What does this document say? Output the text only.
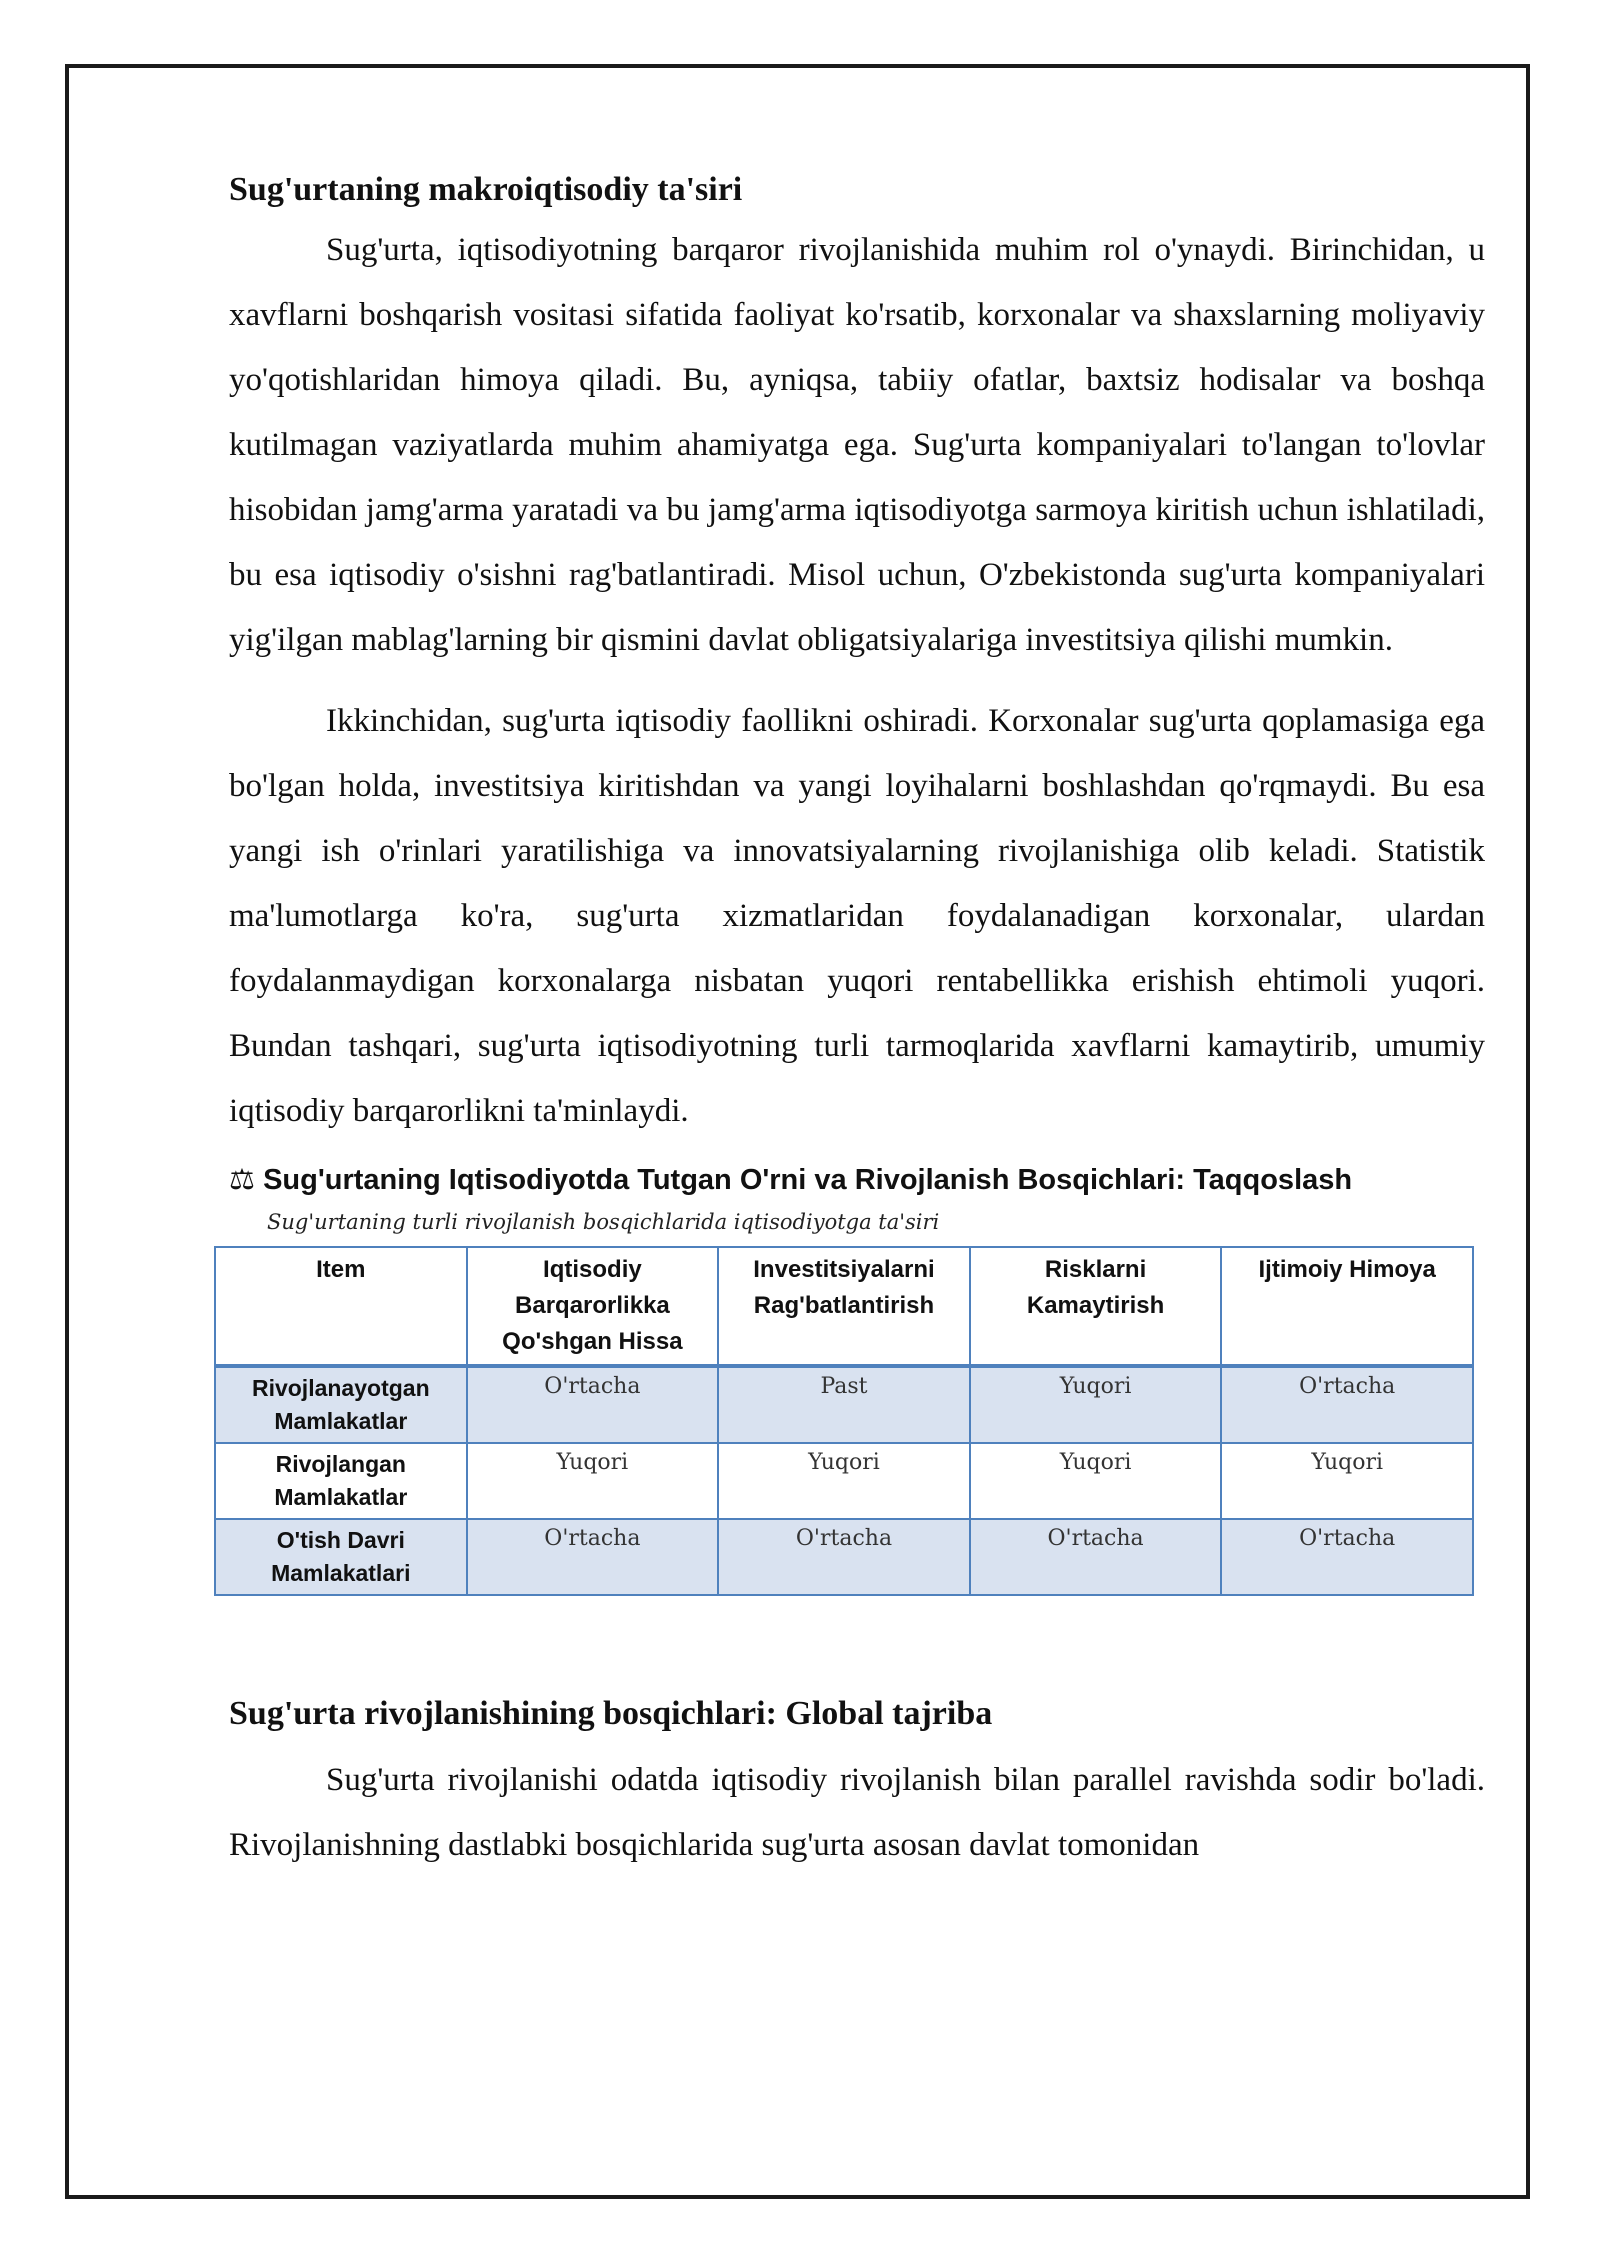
Sug'urtaning makroiqtisodiy ta'siri

Sug'urta, iqtisodiyotning barqaror rivojlanishida muhim rol o'ynaydi. Birinchidan, u xavflarni boshqarish vositasi sifatida faoliyat ko'rsatib, korxonalar va shaxslarning moliyaviy yo'qotishlaridan himoya qiladi. Bu, ayniqsa, tabiiy ofatlar, baxtsiz hodisalar va boshqa kutilmagan vaziyatlarda muhim ahamiyatga ega. Sug'urta kompaniyalari to'langan to'lovlar hisobidan jamg'arma yaratadi va bu jamg'arma iqtisodiyotga sarmoya kiritish uchun ishlatiladi, bu esa iqtisodiy o'sishni rag'batlantiradi. Misol uchun, O'zbekistonda sug'urta kompaniyalari yig'ilgan mablag'larning bir qismini davlat obligatsiyalariga investitsiya qilishi mumkin.

Ikkinchidan, sug'urta iqtisodiy faollikni oshiradi. Korxonalar sug'urta qoplamasiga ega bo'lgan holda, investitsiya kiritishdan va yangi loyihalarni boshlashdan qo'rqmaydi. Bu esa yangi ish o'rinlari yaratilishiga va innovatsiyalarning rivojlanishiga olib keladi. Statistik ma'lumotlarga ko'ra, sug'urta xizmatlaridan foydalanadigan korxonalar, ulardan foydalanmaydigan korxonalarga nisbatan yuqori rentabellikka erishish ehtimoli yuqori. Bundan tashqari, sug'urta iqtisodiyotning turli tarmoqlarida xavflarni kamaytirib, umumiy iqtisodiy barqarorlikni ta'minlaydi.

⚖ Sug'urtaning Iqtisodiyotda Tutgan O'rni va Rivojlanish Bosqichlari: Taqqoslash
Sug'urtaning turli rivojlanish bosqichlarida iqtisodiyotga ta'siri
Item	Iqtisodiy Barqarorlikka Qo'shgan Hissa	Investitsiyalarni Rag'batlantirish	Risklarni Kamaytirish	Ijtimoiy Himoya
Rivojlanayotgan Mamlakatlar	O'rtacha	Past	Yuqori	O'rtacha
Rivojlangan Mamlakatlar	Yuqori	Yuqori	Yuqori	Yuqori
O'tish Davri Mamlakatlari	O'rtacha	O'rtacha	O'rtacha	O'rtacha
Sug'urta rivojlanishining bosqichlari: Global tajriba

Sug'urta rivojlanishi odatda iqtisodiy rivojlanish bilan parallel ravishda sodir bo'ladi. Rivojlanishning dastlabki bosqichlarida sug'urta asosan davlat tomonidan
